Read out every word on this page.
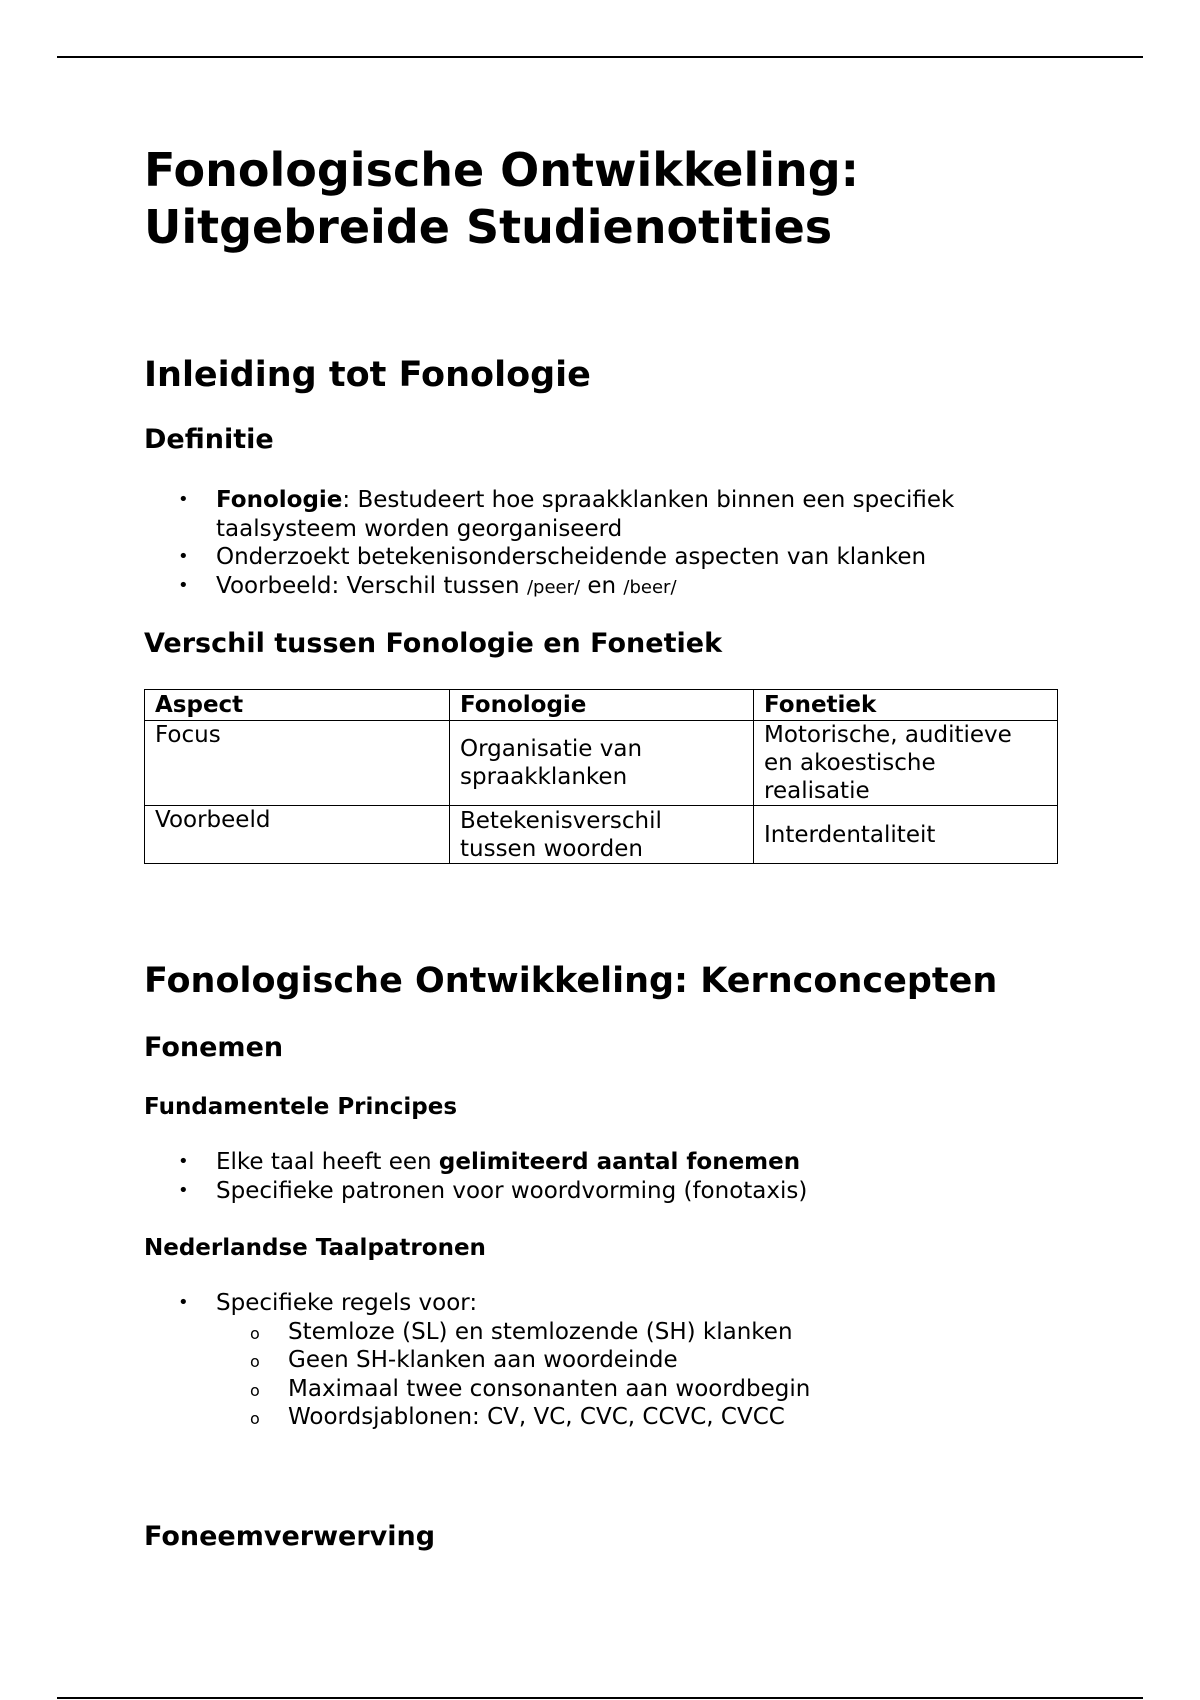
Fonologische Ontwikkeling:
Uitgebreide Studienotities
Inleiding tot Fonologie
Definitie
• Fonologie: Bestudeert hoe spraakklanken binnen een specifiek taalsysteem worden georganiseerd
• Onderzoekt betekenisonderscheidende aspecten van klanken
• Voorbeeld: Verschil tussen /peer/ en /beer/
Verschil tussen Fonologie en Fonetiek
Aspect	Fonologie	Fonetiek
Focus	Organisatie van spraakklanken	Motorische, auditieve en akoestische realisatie
Voorbeeld	Betekenisverschil tussen woorden	Interdentaliteit
Fonologische Ontwikkeling: Kernconcepten
Fonemen
Fundamentele Principes
• Elke taal heeft een gelimiteerd aantal fonemen
• Specifieke patronen voor woordvorming (fonotaxis)
Nederlandse Taalpatronen
• Specifieke regels voor:
o Stemloze (SL) en stemlozende (SH) klanken
o Geen SH-klanken aan woordeinde
o Maximaal twee consonanten aan woordbegin
o Woordsjablonen: CV, VC, CVC, CCVC, CVCC
Foneemverwerving
